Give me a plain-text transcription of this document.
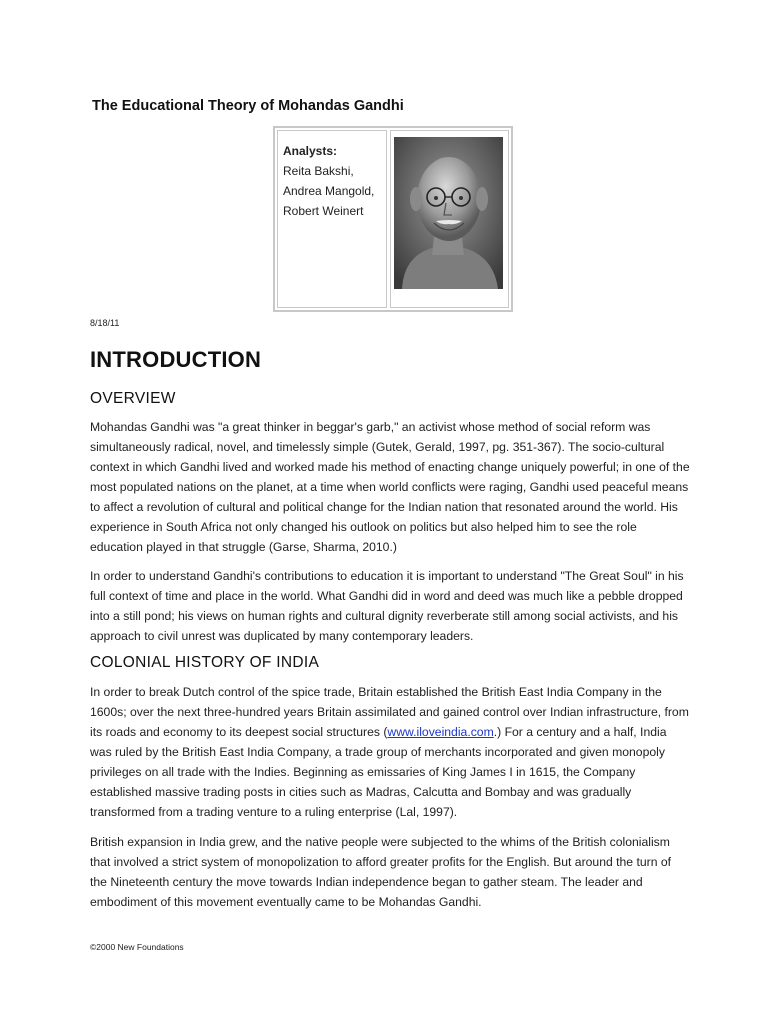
The Educational Theory of Mohandas Gandhi
Analysts:
Reita Bakshi,
Andrea Mangold,
Robert Weinert
8/18/11
INTRODUCTION
OVERVIEW

Mohandas Gandhi was "a great thinker in beggar's garb," an activist whose method of social reform was simultaneously radical, novel, and timelessly simple (Gutek, Gerald, 1997, pg. 351-367). The socio-cultural context in which Gandhi lived and worked made his method of enacting change uniquely powerful; in one of the most populated nations on the planet, at a time when world conflicts were raging, Gandhi used peaceful means to affect a revolution of cultural and political change for the Indian nation that resonated around the world. His experience in South Africa not only changed his outlook on politics but also helped him to see the role education played in that struggle (Garse, Sharma, 2010.)

In order to understand Gandhi's contributions to education it is important to understand "The Great Soul" in his full context of time and place in the world. What Gandhi did in word and deed was much like a pebble dropped into a still pond; his views on human rights and cultural dignity reverberate still among social activists, and his approach to civil unrest was duplicated by many contemporary leaders.

COLONIAL HISTORY OF INDIA

In order to break Dutch control of the spice trade, Britain established the British East India Company in the 1600s; over the next three-hundred years Britain assimilated and gained control over Indian infrastructure, from its roads and economy to its deepest social structures (www.iloveindia.com.) For a century and a half, India was ruled by the British East India Company, a trade group of merchants incorporated and given monopoly privileges on all trade with the Indies. Beginning as emissaries of King James I in 1615, the Company established massive trading posts in cities such as Madras, Calcutta and Bombay and was gradually transformed from a trading venture to a ruling enterprise (Lal, 1997).

British expansion in India grew, and the native people were subjected to the whims of the British colonialism that involved a strict system of monopolization to afford greater profits for the English. But around the turn of the Nineteenth century the move towards Indian independence began to gather steam. The leader and embodiment of this movement eventually came to be Mohandas Gandhi.

©2000 New Foundations
